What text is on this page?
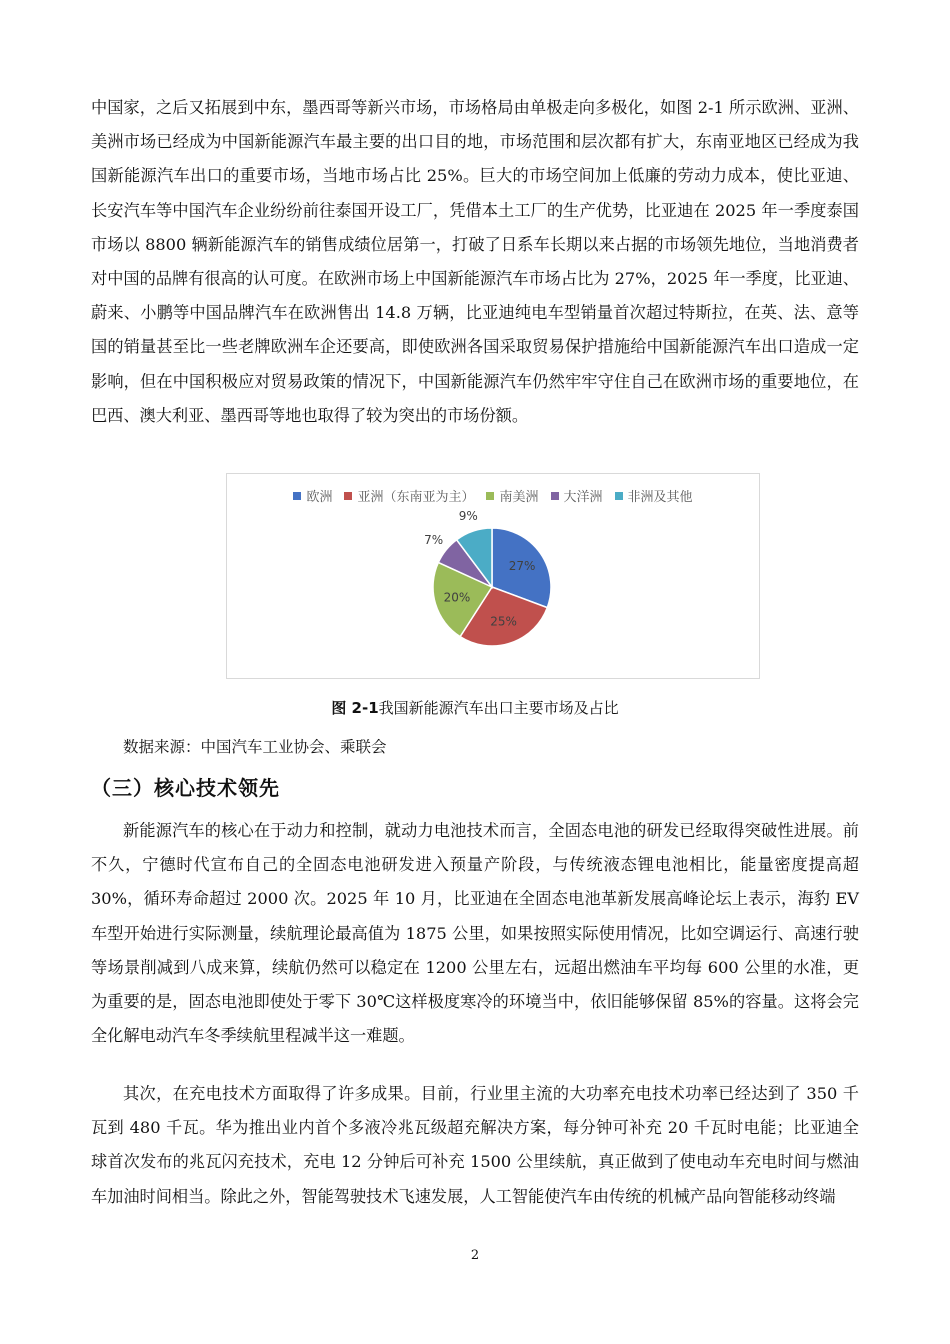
中国家，之后又拓展到中东，墨西哥等新兴市场，市场格局由单极走向多极化，如图 2-1 所示欧洲、亚洲、美洲市场已经成为中国新能源汽车最主要的出口目的地，市场范围和层次都有扩大，东南亚地区已经成为我国新能源汽车出口的重要市场，当地市场占比 25%。巨大的市场空间加上低廉的劳动力成本，使比亚迪、长安汽车等中国汽车企业纷纷前往泰国开设工厂，凭借本土工厂的生产优势，比亚迪在 2025 年一季度泰国市场以 8800 辆新能源汽车的销售成绩位居第一，打破了日系车长期以来占据的市场领先地位，当地消费者对中国的品牌有很高的认可度。在欧洲市场上中国新能源汽车市场占比为 27%，2025 年一季度，比亚迪、蔚来、小鹏等中国品牌汽车在欧洲售出 14.8 万辆，比亚迪纯电车型销量首次超过特斯拉，在英、法、意等国的销量甚至比一些老牌欧洲车企还要高，即使欧洲各国采取贸易保护措施给中国新能源汽车出口造成一定影响，但在中国积极应对贸易政策的情况下，中国新能源汽车仍然牢牢守住自己在欧洲市场的重要地位，在巴西、澳大利亚、墨西哥等地也取得了较为突出的市场份额。

欧洲 亚洲（东南亚为主） 南美洲 大洋洲 非洲及其他
27%
25%
20%
7%
9%
图 2-1我国新能源汽车出口主要市场及占比
数据来源：中国汽车工业协会、乘联会
（三）核心技术领先

新能源汽车的核心在于动力和控制，就动力电池技术而言，全固态电池的研发已经取得突破性进展。前不久，宁德时代宣布自己的全固态电池研发进入预量产阶段，与传统液态锂电池相比，能量密度提高超 30%，循环寿命超过 2000 次。2025 年 10 月，比亚迪在全固态电池革新发展高峰论坛上表示，海豹 EV 车型开始进行实际测量，续航理论最高值为 1875 公里，如果按照实际使用情况，比如空调运行、高速行驶等场景削减到八成来算，续航仍然可以稳定在 1200 公里左右，远超出燃油车平均每 600 公里的水准，更为重要的是，固态电池即使处于零下 30℃这样极度寒冷的环境当中，依旧能够保留 85%的容量。这将会完全化解电动汽车冬季续航里程减半这一难题。

其次，在充电技术方面取得了许多成果。目前，行业里主流的大功率充电技术功率已经达到了 350 千瓦到 480 千瓦。华为推出业内首个多液冷兆瓦级超充解决方案，每分钟可补充 20 千瓦时电能；比亚迪全球首次发布的兆瓦闪充技术，充电 12 分钟后可补充 1500 公里续航，真正做到了使电动车充电时间与燃油车加油时间相当。除此之外，智能驾驶技术飞速发展，人工智能使汽车由传统的机械产品向智能移动终端

2
